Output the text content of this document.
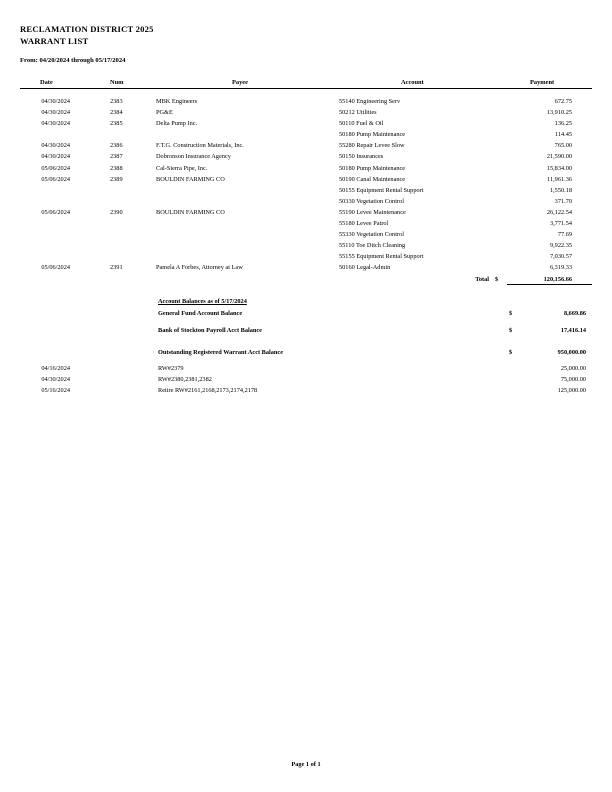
RECLAMATION DISTRICT 2025
WARRANT LIST
From: 04/20/2024 through 05/17/2024
Date	Num	Payee	Account	Payment
04/30/2024		2383	MBK Engineers	55140 Engineering Serv		672.75
04/30/2024		2384	PG&E	50212 Utilities		13,910.25
04/30/2024		2385	Delta Pump Inc.	50110 Fuel & Oil		136.25
				50180 Pump Maintenance		114.45
04/30/2024		2386	F.T.G. Construction Materials, Inc.	55280 Repair Levee Slow		765.00
04/30/2024		2387	Dobronson Insurance Agency	50150 Insurances		21,590.00
05/06/2024		2388	Cal-Sierra Pipe, Inc.	50180 Pump Maintenance		15,834.00
05/06/2024		2389	BOULDIN FARMING CO	50190 Canal Maintenance		11,961.36
				50155 Equipment Rental Support		1,550.18
				50330 Vegetation Control		371.70
05/06/2024		2390	BOULDIN FARMING CO	55190 Levee Maintenance		26,122.54
				55180 Levee Patrol		3,771.54
				55330 Vegetation Control		77.69
				55110 Toe Ditch Cleaning		9,922.35
				55155 Equipment Rental Support		7,030.57
05/06/2024		2391	Pamela A Forbes, Attorney at Law	50160 Legal-Admin		6,319.33
Total					$	120,156.66
	Account Balances as of 5/17/2024		
	General Fund Account Balance	$	8,669.86
	Bank of Stockton Payroll Acct Balance	$	17,416.14
	Outstanding Registered Warrant Acct Balance	$	950,000.00
04/16/2024	RW#2379		25,000.00
04/30/2024	RW#2380,2381,2382		75,000.00
05/16/2024	Retire RW#2161,2168,2173,2174,2178		125,000.00
Page 1 of 1
